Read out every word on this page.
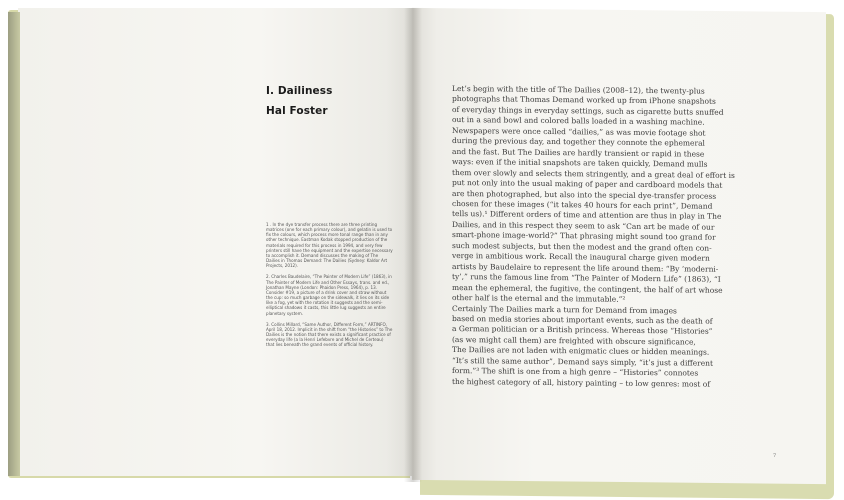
I. Dailiness
Hal Foster

1 . In the dye transfer process there are three printing matrices (one for each primary colour), and gelatin is used to fix the colours, which process more tonal range than in any other technique. Eastman Kodak stopped production of the materials required for this process in 1994, and very few printers still have the equipment and the expertise necessary to accomplish it. Demand discusses the making of The Dailies in Thomas Demand: The Dailies (Sydney: Kaldor Art Projects, 2012).

2. Charles Baudelaire, “The Painter of Modern Life” (1863), in The Painter of Modern Life and Other Essays, trans. and ed., Jonathan Mayne (London: Phaidon Press, 1964), p. 13. Consider #19, a picture of a drink cover and straw without the cup: so much garbage on the sidewalk, it lies on its side like a fog, yet with the rotation it suggests and the semi-elliptical shadows it casts, this little lug suggests an entire planetary system.

3. Collins Millard, “Same Author, Different Form,” ARTINFO, April 18, 2012. Implicit in the shift from “the Histories” to The Dailies is the notion that there exists a significant practice of everyday life (a la Henri Lefebvre and Michel de Certeau) that lies beneath the grand events of official history.

Let’s begin with the title of The Dailies (2008–12), the twenty-plus
photographs that Thomas Demand worked up from iPhone snapshots
of everyday things in everyday settings, such as cigarette butts snuffed
out in a sand bowl and colored balls loaded in a washing machine.
Newspapers were once called “dailies,” as was movie footage shot
during the previous day, and together they connote the ephemeral
and the fast. But The Dailies are hardly transient or rapid in these
ways: even if the initial snapshots are taken quickly, Demand mulls
them over slowly and selects them stringently, and a great deal of effort is
put not only into the usual making of paper and cardboard models that
are then photographed, but also into the special dye-transfer process
chosen for these images (“it takes 40 hours for each print”, Demand
tells us).¹ Different orders of time and attention are thus in play in The
Dailies, and in this respect they seem to ask “Can art be made of our
smart-phone image-world?” That phrasing might sound too grand for
such modest subjects, but then the modest and the grand often con-
verge in ambitious work. Recall the inaugural charge given modern
artists by Baudelaire to represent the life around them: “By ‘moderni-
ty’,” runs the famous line from “The Painter of Modern Life” (1863), “I
mean the ephemeral, the fugitive, the contingent, the half of art whose
other half is the eternal and the immutable.”²
Certainly The Dailies mark a turn for Demand from images
based on media stories about important events, such as the death of
a German politician or a British princess. Whereas those “Histories”
(as we might call them) are freighted with obscure significance,
The Dailies are not laden with enigmatic clues or hidden meanings.
“It’s still the same author”, Demand says simply, “it’s just a different
form.”³ The shift is one from a high genre – “Histories” connotes
the highest category of all, history painting – to low genres: most of
7
